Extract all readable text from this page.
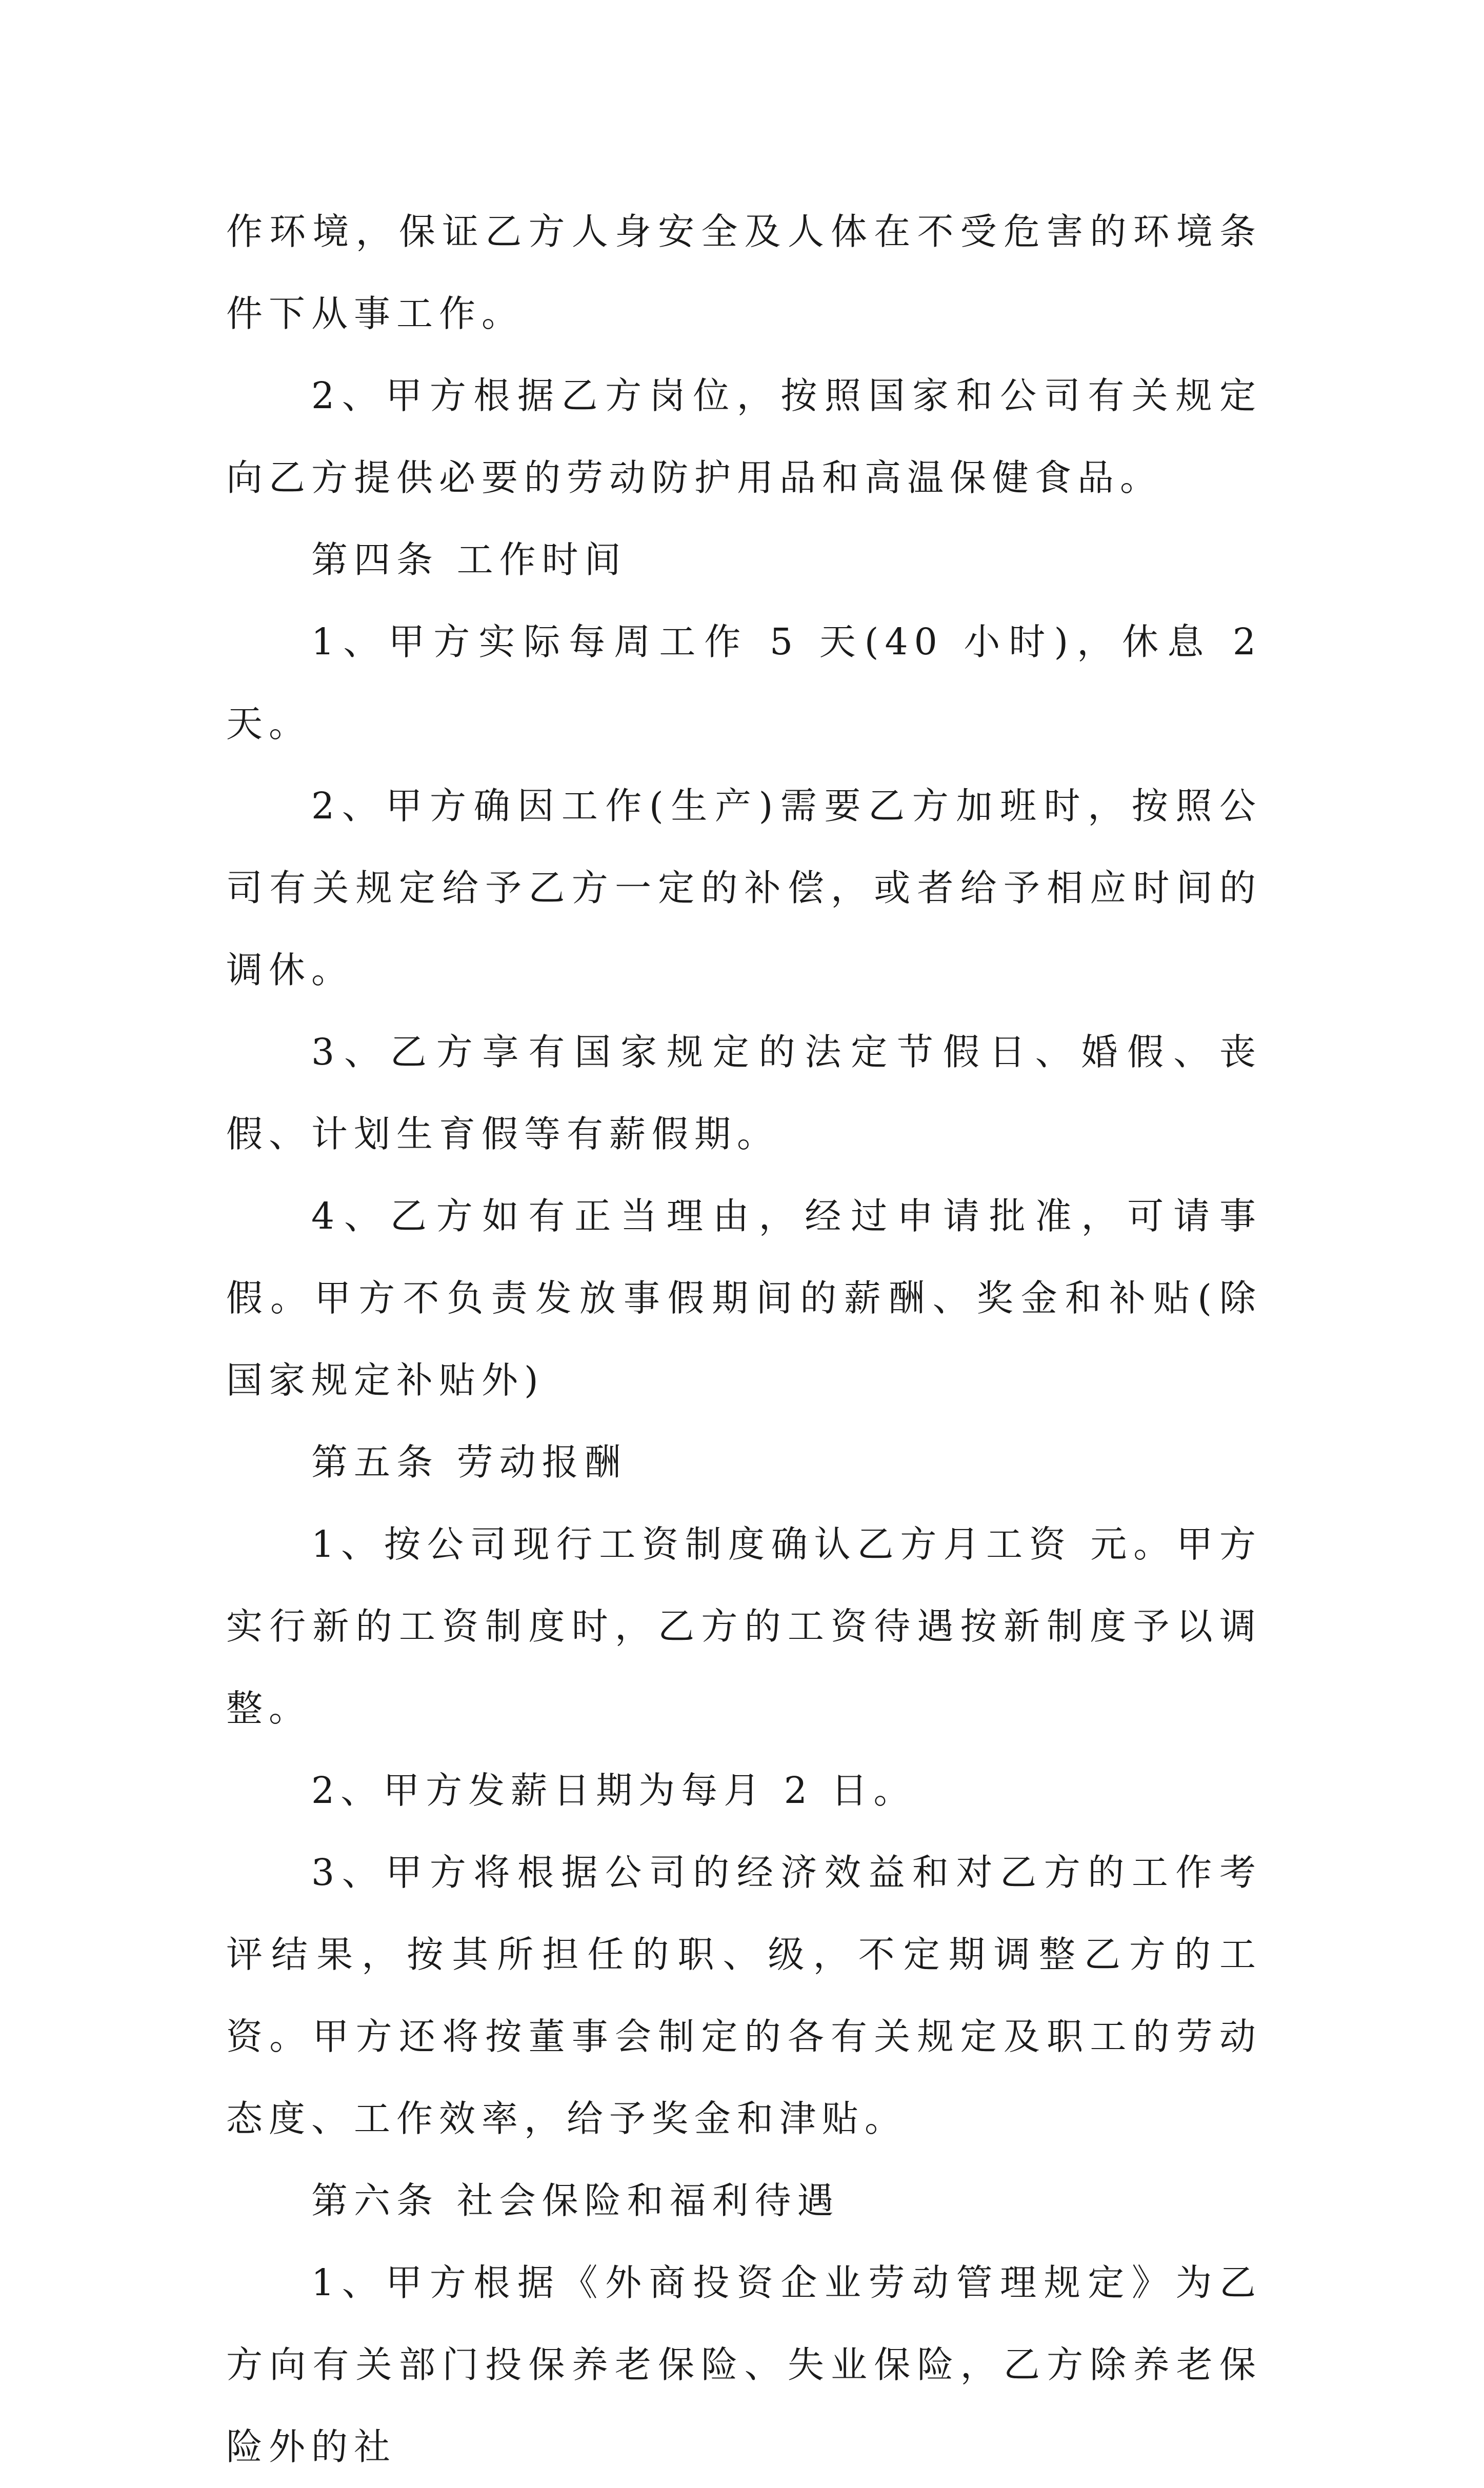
作环境，保证乙方人身安全及人体在不受危害的环境条件下从事工作。

2、甲方根据乙方岗位，按照国家和公司有关规定向乙方提供必要的劳动防护用品和高温保健食品。

第四条 工作时间

1、甲方实际每周工作 5 天(40 小时)，休息 2 天。

2、甲方确因工作(生产)需要乙方加班时，按照公司有关规定给予乙方一定的补偿，或者给予相应时间的调休。

3、乙方享有国家规定的法定节假日、婚假、丧假、计划生育假等有薪假期。

4、乙方如有正当理由，经过申请批准，可请事假。甲方不负责发放事假期间的薪酬、奖金和补贴(除国家规定补贴外)

第五条 劳动报酬

1、按公司现行工资制度确认乙方月工资 元。甲方实行新的工资制度时，乙方的工资待遇按新制度予以调整。

2、甲方发薪日期为每月 2 日。

3、甲方将根据公司的经济效益和对乙方的工作考评结果，按其所担任的职、级，不定期调整乙方的工资。甲方还将按董事会制定的各有关规定及职工的劳动态度、工作效率，给予奖金和津贴。

第六条 社会保险和福利待遇

1、甲方根据《外商投资企业劳动管理规定》为乙方向有关部门投保养老保险、失业保险，乙方除养老保险外的社
